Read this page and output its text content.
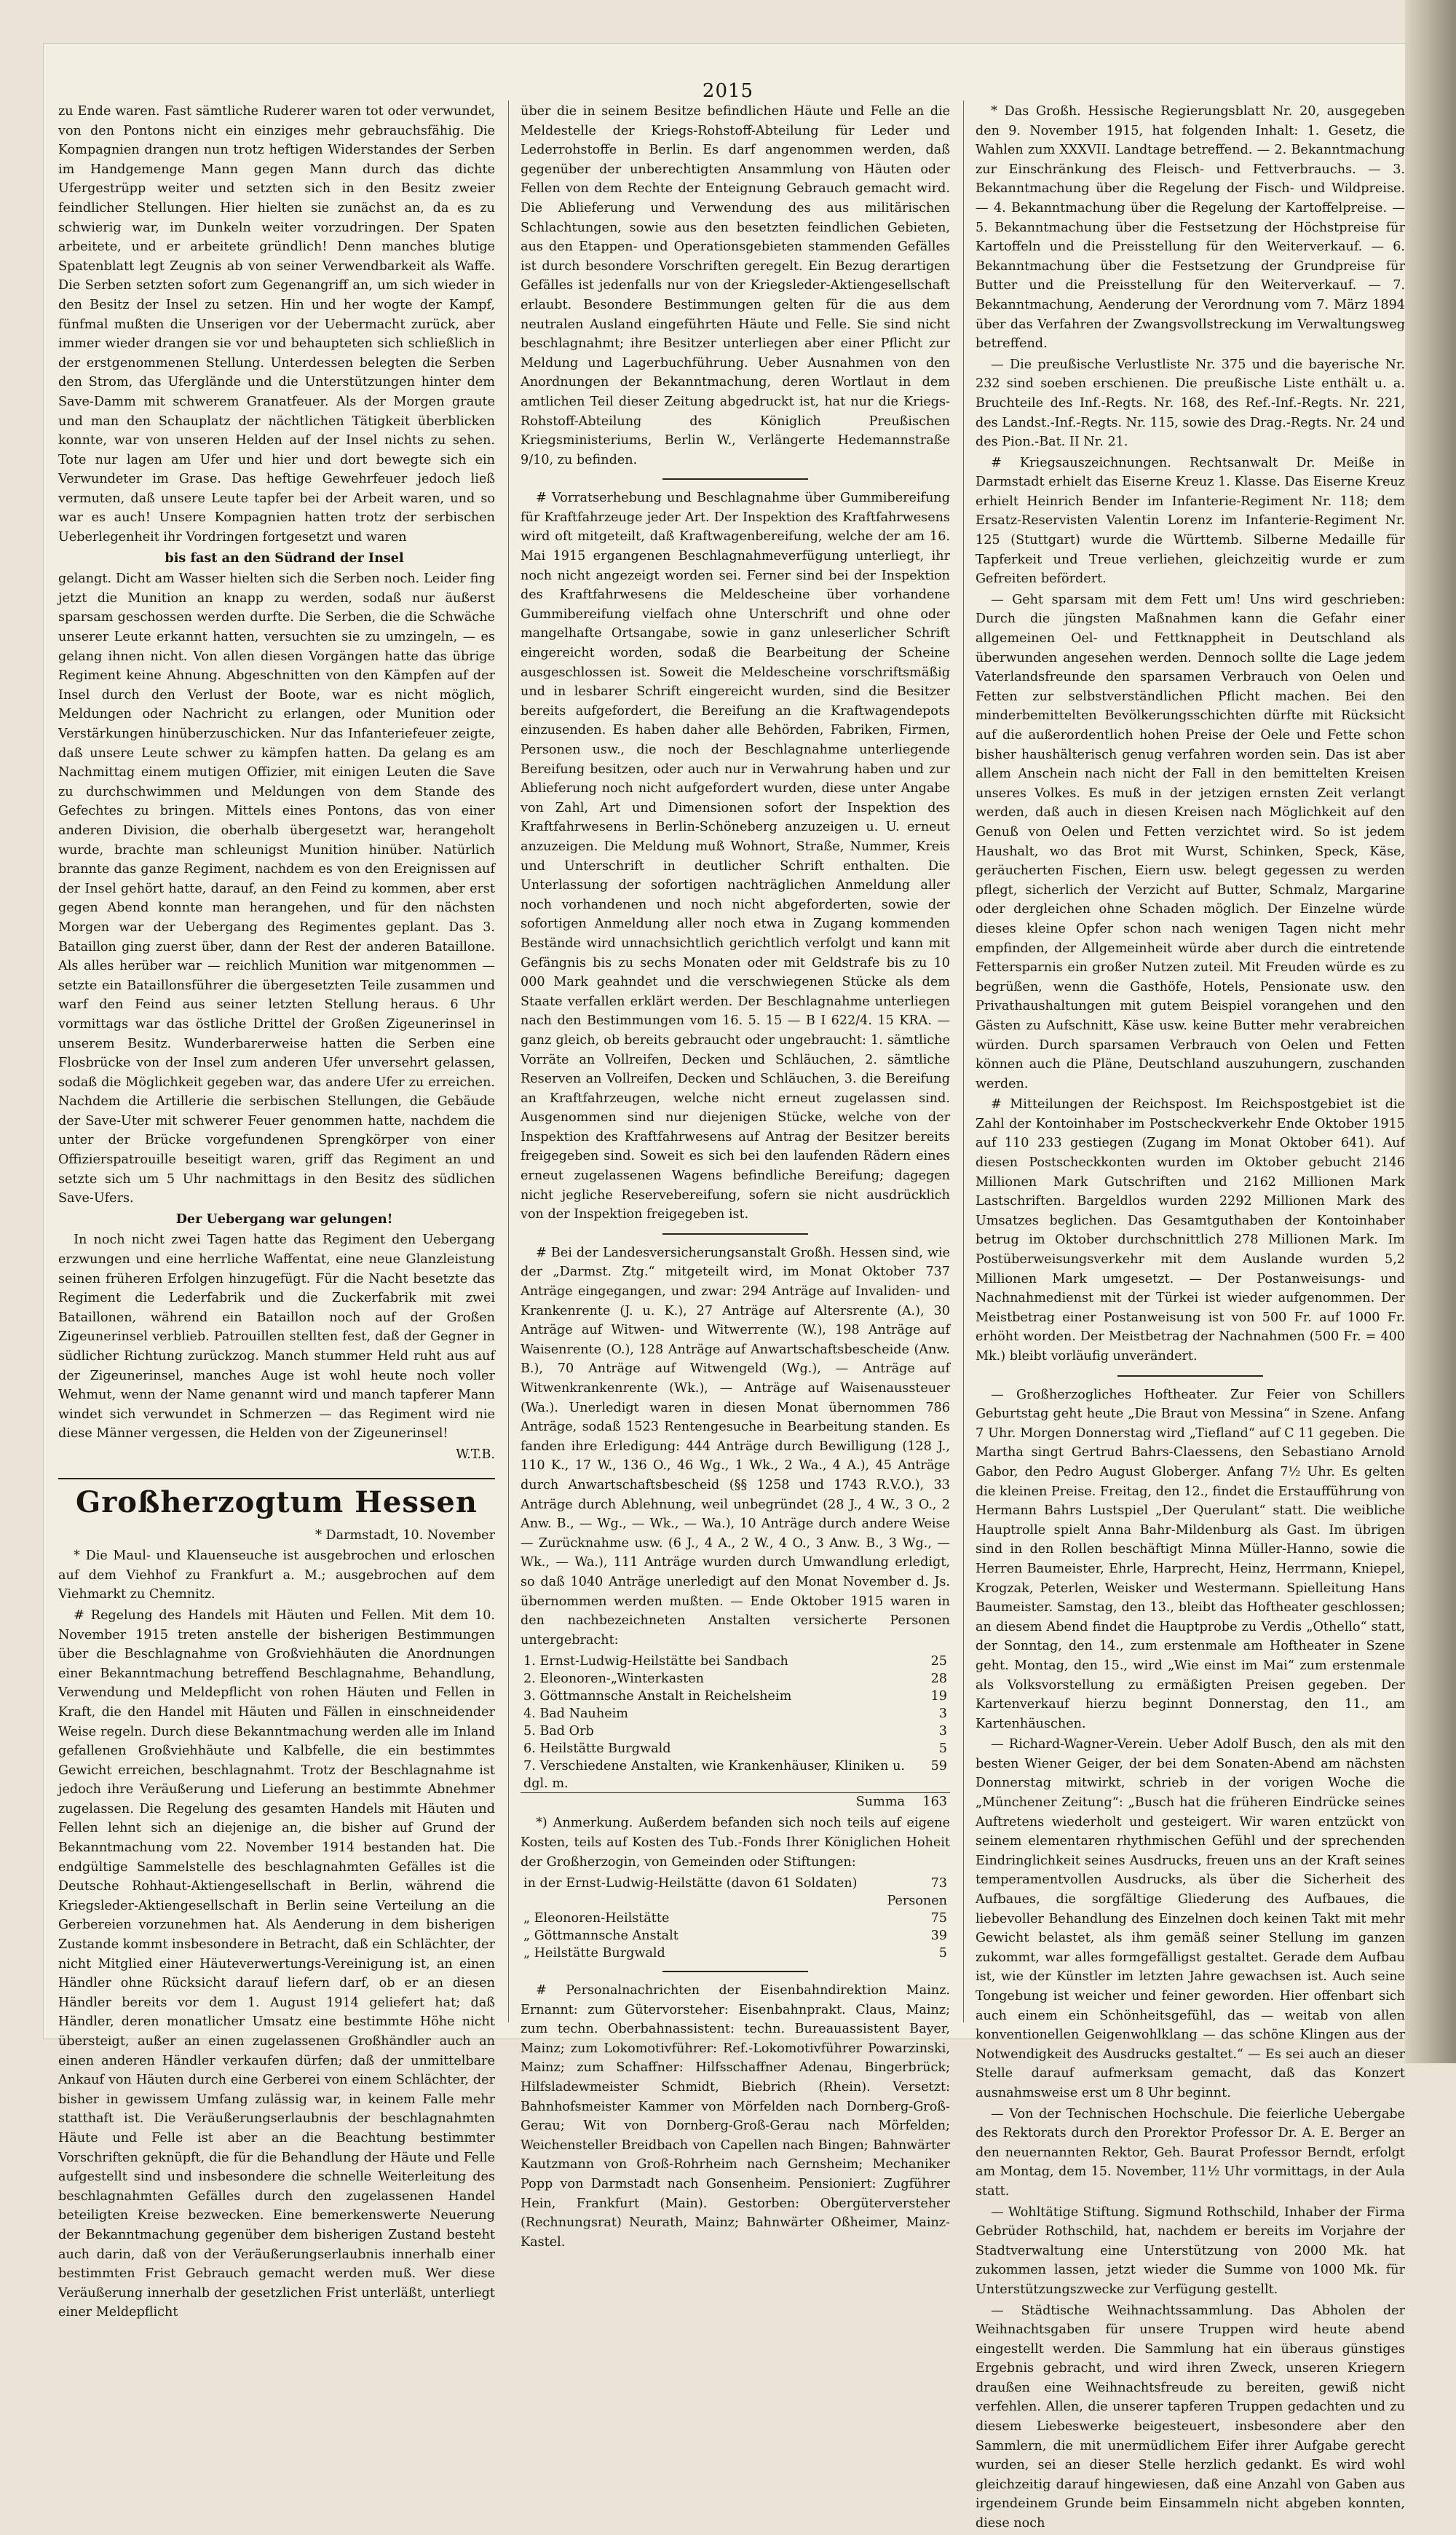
2015

zu Ende waren. Fast sämtliche Ruderer waren tot oder verwundet, von den Pontons nicht ein einziges mehr gebrauchsfähig. Die Kompagnien drangen nun trotz heftigen Widerstandes der Serben im Handgemenge Mann gegen Mann durch das dichte Ufergestrüpp weiter und setzten sich in den Besitz zweier feindlicher Stellungen. Hier hielten sie zunächst an, da es zu schwierig war, im Dunkeln weiter vorzudringen. Der Spaten arbeitete, und er arbeitete gründlich! Denn manches blutige Spatenblatt legt Zeugnis ab von seiner Verwendbarkeit als Waffe. Die Serben setzten sofort zum Gegenangriff an, um sich wieder in den Besitz der Insel zu setzen. Hin und her wogte der Kampf, fünfmal mußten die Unserigen vor der Uebermacht zurück, aber immer wieder drangen sie vor und behaupteten sich schließlich in der erstgenommenen Stellung. Unterdessen belegten die Serben den Strom, das Uferglände und die Unterstützungen hinter dem Save-Damm mit schwerem Granatfeuer. Als der Morgen graute und man den Schauplatz der nächtlichen Tätigkeit überblicken konnte, war von unseren Helden auf der Insel nichts zu sehen. Tote nur lagen am Ufer und hier und dort bewegte sich ein Verwundeter im Grase. Das heftige Gewehrfeuer jedoch ließ vermuten, daß unsere Leute tapfer bei der Arbeit waren, und so war es auch! Unsere Kompagnien hatten trotz der serbischen Ueberlegenheit ihr Vordringen fortgesetzt und waren

bis fast an den Südrand der Insel

gelangt. Dicht am Wasser hielten sich die Serben noch. Leider fing jetzt die Munition an knapp zu werden, sodaß nur äußerst sparsam geschossen werden durfte. Die Serben, die die Schwäche unserer Leute erkannt hatten, versuchten sie zu umzingeln, — es gelang ihnen nicht. Von allen diesen Vorgängen hatte das übrige Regiment keine Ahnung. Abgeschnitten von den Kämpfen auf der Insel durch den Verlust der Boote, war es nicht möglich, Meldungen oder Nachricht zu erlangen, oder Munition oder Verstärkungen hinüberzuschicken. Nur das Infanteriefeuer zeigte, daß unsere Leute schwer zu kämpfen hatten. Da gelang es am Nachmittag einem mutigen Offizier, mit einigen Leuten die Save zu durchschwimmen und Meldungen von dem Stande des Gefechtes zu bringen. Mittels eines Pontons, das von einer anderen Division, die oberhalb übergesetzt war, herangeholt wurde, brachte man schleunigst Munition hinüber. Natürlich brannte das ganze Regiment, nachdem es von den Ereignissen auf der Insel gehört hatte, darauf, an den Feind zu kommen, aber erst gegen Abend konnte man herangehen, und für den nächsten Morgen war der Uebergang des Regimentes geplant. Das 3. Bataillon ging zuerst über, dann der Rest der anderen Bataillone. Als alles herüber war — reichlich Munition war mitgenommen — setzte ein Bataillonsführer die übergesetzten Teile zusammen und warf den Feind aus seiner letzten Stellung heraus. 6 Uhr vormittags war das östliche Drittel der Großen Zigeunerinsel in unserem Besitz. Wunderbarerweise hatten die Serben eine Flosbrücke von der Insel zum anderen Ufer unversehrt gelassen, sodaß die Möglichkeit gegeben war, das andere Ufer zu erreichen. Nachdem die Artillerie die serbischen Stellungen, die Gebäude der Save-Uter mit schwerer Feuer genommen hatte, nachdem die unter der Brücke vorgefundenen Sprengkörper von einer Offizierspatrouille beseitigt waren, griff das Regiment an und setzte sich um 5 Uhr nachmittags in den Besitz des südlichen Save-Ufers.

Der Uebergang war gelungen!

In noch nicht zwei Tagen hatte das Regiment den Uebergang erzwungen und eine herrliche Waffentat, eine neue Glanzleistung seinen früheren Erfolgen hinzugefügt. Für die Nacht besetzte das Regiment die Lederfabrik und die Zuckerfabrik mit zwei Bataillonen, während ein Bataillon noch auf der Großen Zigeunerinsel verblieb. Patrouillen stellten fest, daß der Gegner in südlicher Richtung zurückzog. Manch stummer Held ruht aus auf der Zigeunerinsel, manches Auge ist wohl heute noch voller Wehmut, wenn der Name genannt wird und manch tapferer Mann windet sich verwundet in Schmerzen — das Regiment wird nie diese Männer vergessen, die Helden von der Zigeunerinsel!

W.T.B.

Großherzogtum Hessen

* Darmstadt, 10. November

* Die Maul- und Klauenseuche ist ausgebrochen und erloschen auf dem Viehhof zu Frankfurt a. M.; ausgebrochen auf dem Viehmarkt zu Chemnitz.

# Regelung des Handels mit Häuten und Fellen. Mit dem 10. November 1915 treten anstelle der bisherigen Bestimmungen über die Beschlagnahme von Großviehhäuten die Anordnungen einer Bekanntmachung betreffend Beschlagnahme, Behandlung, Verwendung und Meldepflicht von rohen Häuten und Fellen in Kraft, die den Handel mit Häuten und Fällen in einschneidender Weise regeln. Durch diese Bekanntmachung werden alle im Inland gefallenen Großviehhäute und Kalbfelle, die ein bestimmtes Gewicht erreichen, beschlagnahmt. Trotz der Beschlagnahme ist jedoch ihre Veräußerung und Lieferung an bestimmte Abnehmer zugelassen. Die Regelung des gesamten Handels mit Häuten und Fellen lehnt sich an diejenige an, die bisher auf Grund der Bekanntmachung vom 22. November 1914 bestanden hat. Die endgültige Sammelstelle des beschlagnahmten Gefälles ist die Deutsche Rohhaut-Aktiengesellschaft in Berlin, während die Kriegsleder-Aktiengesellschaft in Berlin seine Verteilung an die Gerbereien vorzunehmen hat. Als Aenderung in dem bisherigen Zustande kommt insbesondere in Betracht, daß ein Schlächter, der nicht Mitglied einer Häuteverwertungs-Vereinigung ist, an einen Händler ohne Rücksicht darauf liefern darf, ob er an diesen Händler bereits vor dem 1. August 1914 geliefert hat; daß Händler, deren monatlicher Umsatz eine bestimmte Höhe nicht übersteigt, außer an einen zugelassenen Großhändler auch an einen anderen Händler verkaufen dürfen; daß der unmittelbare Ankauf von Häuten durch eine Gerberei von einem Schlächter, der bisher in gewissem Umfang zulässig war, in keinem Falle mehr statthaft ist. Die Veräußerungserlaubnis der beschlagnahmten Häute und Felle ist aber an die Beachtung bestimmter Vorschriften geknüpft, die für die Behandlung der Häute und Felle aufgestellt sind und insbesondere die schnelle Weiterleitung des beschlagnahmten Gefälles durch den zugelassenen Handel beteiligten Kreise bezwecken. Eine bemerkenswerte Neuerung der Bekanntmachung gegenüber dem bisherigen Zustand besteht auch darin, daß von der Veräußerungserlaubnis innerhalb einer bestimmten Frist Gebrauch gemacht werden muß. Wer diese Veräußerung innerhalb der gesetzlichen Frist unterläßt, unterliegt einer Meldepflicht

über die in seinem Besitze befindlichen Häute und Felle an die Meldestelle der Kriegs-Rohstoff-Abteilung für Leder und Lederrohstoffe in Berlin. Es darf angenommen werden, daß gegenüber der unberechtigten Ansammlung von Häuten oder Fellen von dem Rechte der Enteignung Gebrauch gemacht wird. Die Ablieferung und Verwendung des aus militärischen Schlachtungen, sowie aus den besetzten feindlichen Gebieten, aus den Etappen- und Operationsgebieten stammenden Gefälles ist durch besondere Vorschriften geregelt. Ein Bezug derartigen Gefälles ist jedenfalls nur von der Kriegsleder-Aktiengesellschaft erlaubt. Besondere Bestimmungen gelten für die aus dem neutralen Ausland eingeführten Häute und Felle. Sie sind nicht beschlagnahmt; ihre Besitzer unterliegen aber einer Pflicht zur Meldung und Lagerbuchführung. Ueber Ausnahmen von den Anordnungen der Bekanntmachung, deren Wortlaut in dem amtlichen Teil dieser Zeitung abgedruckt ist, hat nur die Kriegs-Rohstoff-Abteilung des Königlich Preußischen Kriegsministeriums, Berlin W., Verlängerte Hedemannstraße 9/10, zu befinden.

# Vorratserhebung und Beschlagnahme über Gummibereifung für Kraftfahrzeuge jeder Art. Der Inspektion des Kraftfahrwesens wird oft mitgeteilt, daß Kraftwagenbereifung, welche der am 16. Mai 1915 ergangenen Beschlagnahmeverfügung unterliegt, ihr noch nicht angezeigt worden sei. Ferner sind bei der Inspektion des Kraftfahrwesens die Meldescheine über vorhandene Gummibereifung vielfach ohne Unterschrift und ohne oder mangelhafte Ortsangabe, sowie in ganz unleserlicher Schrift eingereicht worden, sodaß die Bearbeitung der Scheine ausgeschlossen ist. Soweit die Meldescheine vorschriftsmäßig und in lesbarer Schrift eingereicht wurden, sind die Besitzer bereits aufgefordert, die Bereifung an die Kraftwagendepots einzusenden. Es haben daher alle Behörden, Fabriken, Firmen, Personen usw., die noch der Beschlagnahme unterliegende Bereifung besitzen, oder auch nur in Verwahrung haben und zur Ablieferung noch nicht aufgefordert wurden, diese unter Angabe von Zahl, Art und Dimensionen sofort der Inspektion des Kraftfahrwesens in Berlin-Schöneberg anzuzeigen u. U. erneut anzuzeigen. Die Meldung muß Wohnort, Straße, Nummer, Kreis und Unterschrift in deutlicher Schrift enthalten. Die Unterlassung der sofortigen nachträglichen Anmeldung aller noch vorhandenen und noch nicht abgeforderten, sowie der sofortigen Anmeldung aller noch etwa in Zugang kommenden Bestände wird unnachsichtlich gerichtlich verfolgt und kann mit Gefängnis bis zu sechs Monaten oder mit Geldstrafe bis zu 10 000 Mark geahndet und die verschwiegenen Stücke als dem Staate verfallen erklärt werden. Der Beschlagnahme unterliegen nach den Bestimmungen vom 16. 5. 15 — B I 622/4. 15 KRA. — ganz gleich, ob bereits gebraucht oder ungebraucht: 1. sämtliche Vorräte an Vollreifen, Decken und Schläuchen, 2. sämtliche Reserven an Vollreifen, Decken und Schläuchen, 3. die Bereifung an Kraftfahrzeugen, welche nicht erneut zugelassen sind. Ausgenommen sind nur diejenigen Stücke, welche von der Inspektion des Kraftfahrwesens auf Antrag der Besitzer bereits freigegeben sind. Soweit es sich bei den laufenden Rädern eines erneut zugelassenen Wagens befindliche Bereifung; dagegen nicht jegliche Reservebereifung, sofern sie nicht ausdrücklich von der Inspektion freigegeben ist.

# Bei der Landesversicherungsanstalt Großh. Hessen sind, wie der „Darmst. Ztg.“ mitgeteilt wird, im Monat Oktober 737 Anträge eingegangen, und zwar: 294 Anträge auf Invaliden- und Krankenrente (J. u. K.), 27 Anträge auf Altersrente (A.), 30 Anträge auf Witwen- und Witwerrente (W.), 198 Anträge auf Waisenrente (O.), 128 Anträge auf Anwartschaftsbescheide (Anw. B.), 70 Anträge auf Witwengeld (Wg.), — Anträge auf Witwenkrankenrente (Wk.), — Anträge auf Waisenaussteuer (Wa.). Unerledigt waren in diesen Monat übernommen 786 Anträge, sodaß 1523 Rentengesuche in Bearbeitung standen. Es fanden ihre Erledigung: 444 Anträge durch Bewilligung (128 J., 110 K., 17 W., 136 O., 46 Wg., 1 Wk., 2 Wa., 4 A.), 45 Anträge durch Anwartschaftsbescheid (§§ 1258 und 1743 R.V.O.), 33 Anträge durch Ablehnung, weil unbegründet (28 J., 4 W., 3 O., 2 Anw. B., — Wg., — Wk., — Wa.), 10 Anträge durch andere Weise — Zurücknahme usw. (6 J., 4 A., 2 W., 4 O., 3 Anw. B., 3 Wg., — Wk., — Wa.), 111 Anträge wurden durch Umwandlung erledigt, so daß 1040 Anträge unerledigt auf den Monat November d. Js. übernommen werden mußten. — Ende Oktober 1915 waren in den nachbezeichneten Anstalten versicherte Personen untergebracht:

1. Ernst-Ludwig-Heilstätte bei Sandbach	25
2. Eleonoren-„Winterkasten	28
3. Göttmannsche Anstalt in Reichelsheim	19
4. Bad Nauheim	3
5. Bad Orb	3
6. Heilstätte Burgwald	5
7. Verschiedene Anstalten, wie Krankenhäuser, Kliniken u. dgl. m.	59
Summa	163

*) Anmerkung. Außerdem befanden sich noch teils auf eigene Kosten, teils auf Kosten des Tub.-Fonds Ihrer Königlichen Hoheit der Großherzogin, von Gemeinden oder Stiftungen:

in der Ernst-Ludwig-Heilstätte (davon 61 Soldaten)	73 Personen
„ Eleonoren-Heilstätte	75
„ Göttmannsche Anstalt	39
„ Heilstätte Burgwald	5

# Personalnachrichten der Eisenbahndirektion Mainz. Ernannt: zum Gütervorsteher: Eisenbahnprakt. Claus, Mainz; zum techn. Oberbahnassistent: techn. Bureauassistent Bayer, Mainz; zum Lokomotivführer: Ref.-Lokomotivführer Powarzinski, Mainz; zum Schaffner: Hilfsschaffner Adenau, Bingerbrück; Hilfsladewmeister Schmidt, Biebrich (Rhein). Versetzt: Bahnhofsmeister Kammer von Mörfelden nach Dornberg-Groß-Gerau; Wit von Dornberg-Groß-Gerau nach Mörfelden; Weichensteller Breidbach von Capellen nach Bingen; Bahnwärter Kautzmann von Groß-Rohrheim nach Gernsheim; Mechaniker Popp von Darmstadt nach Gonsenheim. Pensioniert: Zugführer Hein, Frankfurt (Main). Gestorben: Obergüterversteher (Rechnungsrat) Neurath, Mainz; Bahnwärter Oßheimer, Mainz-Kastel.

* Das Großh. Hessische Regierungsblatt Nr. 20, ausgegeben den 9. November 1915, hat folgenden Inhalt: 1. Gesetz, die Wahlen zum XXXVII. Landtage betreffend. — 2. Bekanntmachung zur Einschränkung des Fleisch- und Fettverbrauchs. — 3. Bekanntmachung über die Regelung der Fisch- und Wildpreise. — 4. Bekanntmachung über die Regelung der Kartoffelpreise. — 5. Bekanntmachung über die Festsetzung der Höchstpreise für Kartoffeln und die Preisstellung für den Weiterverkauf. — 6. Bekanntmachung über die Festsetzung der Grundpreise für Butter und die Preisstellung für den Weiterverkauf. — 7. Bekanntmachung, Aenderung der Verordnung vom 7. März 1894 über das Verfahren der Zwangsvollstreckung im Verwaltungsweg betreffend.

— Die preußische Verlustliste Nr. 375 und die bayerische Nr. 232 sind soeben erschienen. Die preußische Liste enthält u. a. Bruchteile des Inf.-Regts. Nr. 168, des Ref.-Inf.-Regts. Nr. 221, des Landst.-Inf.-Regts. Nr. 115, sowie des Drag.-Regts. Nr. 24 und des Pion.-Bat. II Nr. 21.

# Kriegsauszeichnungen. Rechtsanwalt Dr. Meiße in Darmstadt erhielt das Eiserne Kreuz 1. Klasse. Das Eiserne Kreuz erhielt Heinrich Bender im Infanterie-Regiment Nr. 118; dem Ersatz-Reservisten Valentin Lorenz im Infanterie-Regiment Nr. 125 (Stuttgart) wurde die Württemb. Silberne Medaille für Tapferkeit und Treue verliehen, gleichzeitig wurde er zum Gefreiten befördert.

— Geht sparsam mit dem Fett um! Uns wird geschrieben: Durch die jüngsten Maßnahmen kann die Gefahr einer allgemeinen Oel- und Fettknappheit in Deutschland als überwunden angesehen werden. Dennoch sollte die Lage jedem Vaterlandsfreunde den sparsamen Verbrauch von Oelen und Fetten zur selbstverständlichen Pflicht machen. Bei den minderbemittelten Bevölkerungsschichten dürfte mit Rücksicht auf die außerordentlich hohen Preise der Oele und Fette schon bisher haushälterisch genug verfahren worden sein. Das ist aber allem Anschein nach nicht der Fall in den bemittelten Kreisen unseres Volkes. Es muß in der jetzigen ernsten Zeit verlangt werden, daß auch in diesen Kreisen nach Möglichkeit auf den Genuß von Oelen und Fetten verzichtet wird. So ist jedem Haushalt, wo das Brot mit Wurst, Schinken, Speck, Käse, geräucherten Fischen, Eiern usw. belegt gegessen zu werden pflegt, sicherlich der Verzicht auf Butter, Schmalz, Margarine oder dergleichen ohne Schaden möglich. Der Einzelne würde dieses kleine Opfer schon nach wenigen Tagen nicht mehr empfinden, der Allgemeinheit würde aber durch die eintretende Fettersparnis ein großer Nutzen zuteil. Mit Freuden würde es zu begrüßen, wenn die Gasthöfe, Hotels, Pensionate usw. den Privathaushaltungen mit gutem Beispiel vorangehen und den Gästen zu Aufschnitt, Käse usw. keine Butter mehr verabreichen würden. Durch sparsamen Verbrauch von Oelen und Fetten können auch die Pläne, Deutschland auszuhungern, zuschanden werden.

# Mitteilungen der Reichspost. Im Reichspostgebiet ist die Zahl der Kontoinhaber im Postscheckverkehr Ende Oktober 1915 auf 110 233 gestiegen (Zugang im Monat Oktober 641). Auf diesen Postscheckkonten wurden im Oktober gebucht 2146 Millionen Mark Gutschriften und 2162 Millionen Mark Lastschriften. Bargeldlos wurden 2292 Millionen Mark des Umsatzes beglichen. Das Gesamtguthaben der Kontoinhaber betrug im Oktober durchschnittlich 278 Millionen Mark. Im Postüberweisungsverkehr mit dem Auslande wurden 5,2 Millionen Mark umgesetzt. — Der Postanweisungs- und Nachnahmedienst mit der Türkei ist wieder aufgenommen. Der Meistbetrag einer Postanweisung ist von 500 Fr. auf 1000 Fr. erhöht worden. Der Meistbetrag der Nachnahmen (500 Fr. = 400 Mk.) bleibt vorläufig unverändert.

— Großherzogliches Hoftheater. Zur Feier von Schillers Geburtstag geht heute „Die Braut von Messina“ in Szene. Anfang 7 Uhr. Morgen Donnerstag wird „Tiefland“ auf C 11 gegeben. Die Martha singt Gertrud Bahrs-Claessens, den Sebastiano Arnold Gabor, den Pedro August Globerger. Anfang 7½ Uhr. Es gelten die kleinen Preise. Freitag, den 12., findet die Erstaufführung von Hermann Bahrs Lustspiel „Der Querulant“ statt. Die weibliche Hauptrolle spielt Anna Bahr-Mildenburg als Gast. Im übrigen sind in den Rollen beschäftigt Minna Müller-Hanno, sowie die Herren Baumeister, Ehrle, Harprecht, Heinz, Herrmann, Kniepel, Krogzak, Peterlen, Weisker und Westermann. Spielleitung Hans Baumeister. Samstag, den 13., bleibt das Hoftheater geschlossen; an diesem Abend findet die Hauptprobe zu Verdis „Othello“ statt, der Sonntag, den 14., zum erstenmale am Hoftheater in Szene geht. Montag, den 15., wird „Wie einst im Mai“ zum erstenmale als Volksvorstellung zu ermäßigten Preisen gegeben. Der Kartenverkauf hierzu beginnt Donnerstag, den 11., am Kartenhäuschen.

— Richard-Wagner-Verein. Ueber Adolf Busch, den als mit den besten Wiener Geiger, der bei dem Sonaten-Abend am nächsten Donnerstag mitwirkt, schrieb in der vorigen Woche die „Münchener Zeitung“: „Busch hat die früheren Eindrücke seines Auftretens wiederholt und gesteigert. Wir waren entzückt von seinem elementaren rhythmischen Gefühl und der sprechenden Eindringlichkeit seines Ausdrucks, freuen uns an der Kraft seines temperamentvollen Ausdrucks, als über die Sicherheit des Aufbaues, die sorgfältige Gliederung des Aufbaues, die liebevoller Behandlung des Einzelnen doch keinen Takt mit mehr Gewicht belastet, als ihm gemäß seiner Stellung im ganzen zukommt, war alles formgefälligst gestaltet. Gerade dem Aufbau ist, wie der Künstler im letzten Jahre gewachsen ist. Auch seine Tongebung ist weicher und feiner geworden. Hier offenbart sich auch einem ein Schönheitsgefühl, das — weitab von allen konventionellen Geigenwohlklang — das schöne Klingen aus der Notwendigkeit des Ausdrucks gestaltet.“ — Es sei auch an dieser Stelle darauf aufmerksam gemacht, daß das Konzert ausnahmsweise erst um 8 Uhr beginnt.

— Von der Technischen Hochschule. Die feierliche Uebergabe des Rektorats durch den Prorektor Professor Dr. A. E. Berger an den neuernannten Rektor, Geh. Baurat Professor Berndt, erfolgt am Montag, dem 15. November, 11½ Uhr vormittags, in der Aula statt.

— Wohltätige Stiftung. Sigmund Rothschild, Inhaber der Firma Gebrüder Rothschild, hat, nachdem er bereits im Vorjahre der Stadtverwaltung eine Unterstützung von 2000 Mk. hat zukommen lassen, jetzt wieder die Summe von 1000 Mk. für Unterstützungszwecke zur Verfügung gestellt.

— Städtische Weihnachtssammlung. Das Abholen der Weihnachtsgaben für unsere Truppen wird heute abend eingestellt werden. Die Sammlung hat ein überaus günstiges Ergebnis gebracht, und wird ihren Zweck, unseren Kriegern draußen eine Weihnachtsfreude zu bereiten, gewiß nicht verfehlen. Allen, die unserer tapferen Truppen gedachten und zu diesem Liebeswerke beigesteuert, insbesondere aber den Sammlern, die mit unermüdlichem Eifer ihrer Aufgabe gerecht wurden, sei an dieser Stelle herzlich gedankt. Es wird wohl gleichzeitig darauf hingewiesen, daß eine Anzahl von Gaben aus irgendeinem Grunde beim Einsammeln nicht abgeben konnten, diese noch
